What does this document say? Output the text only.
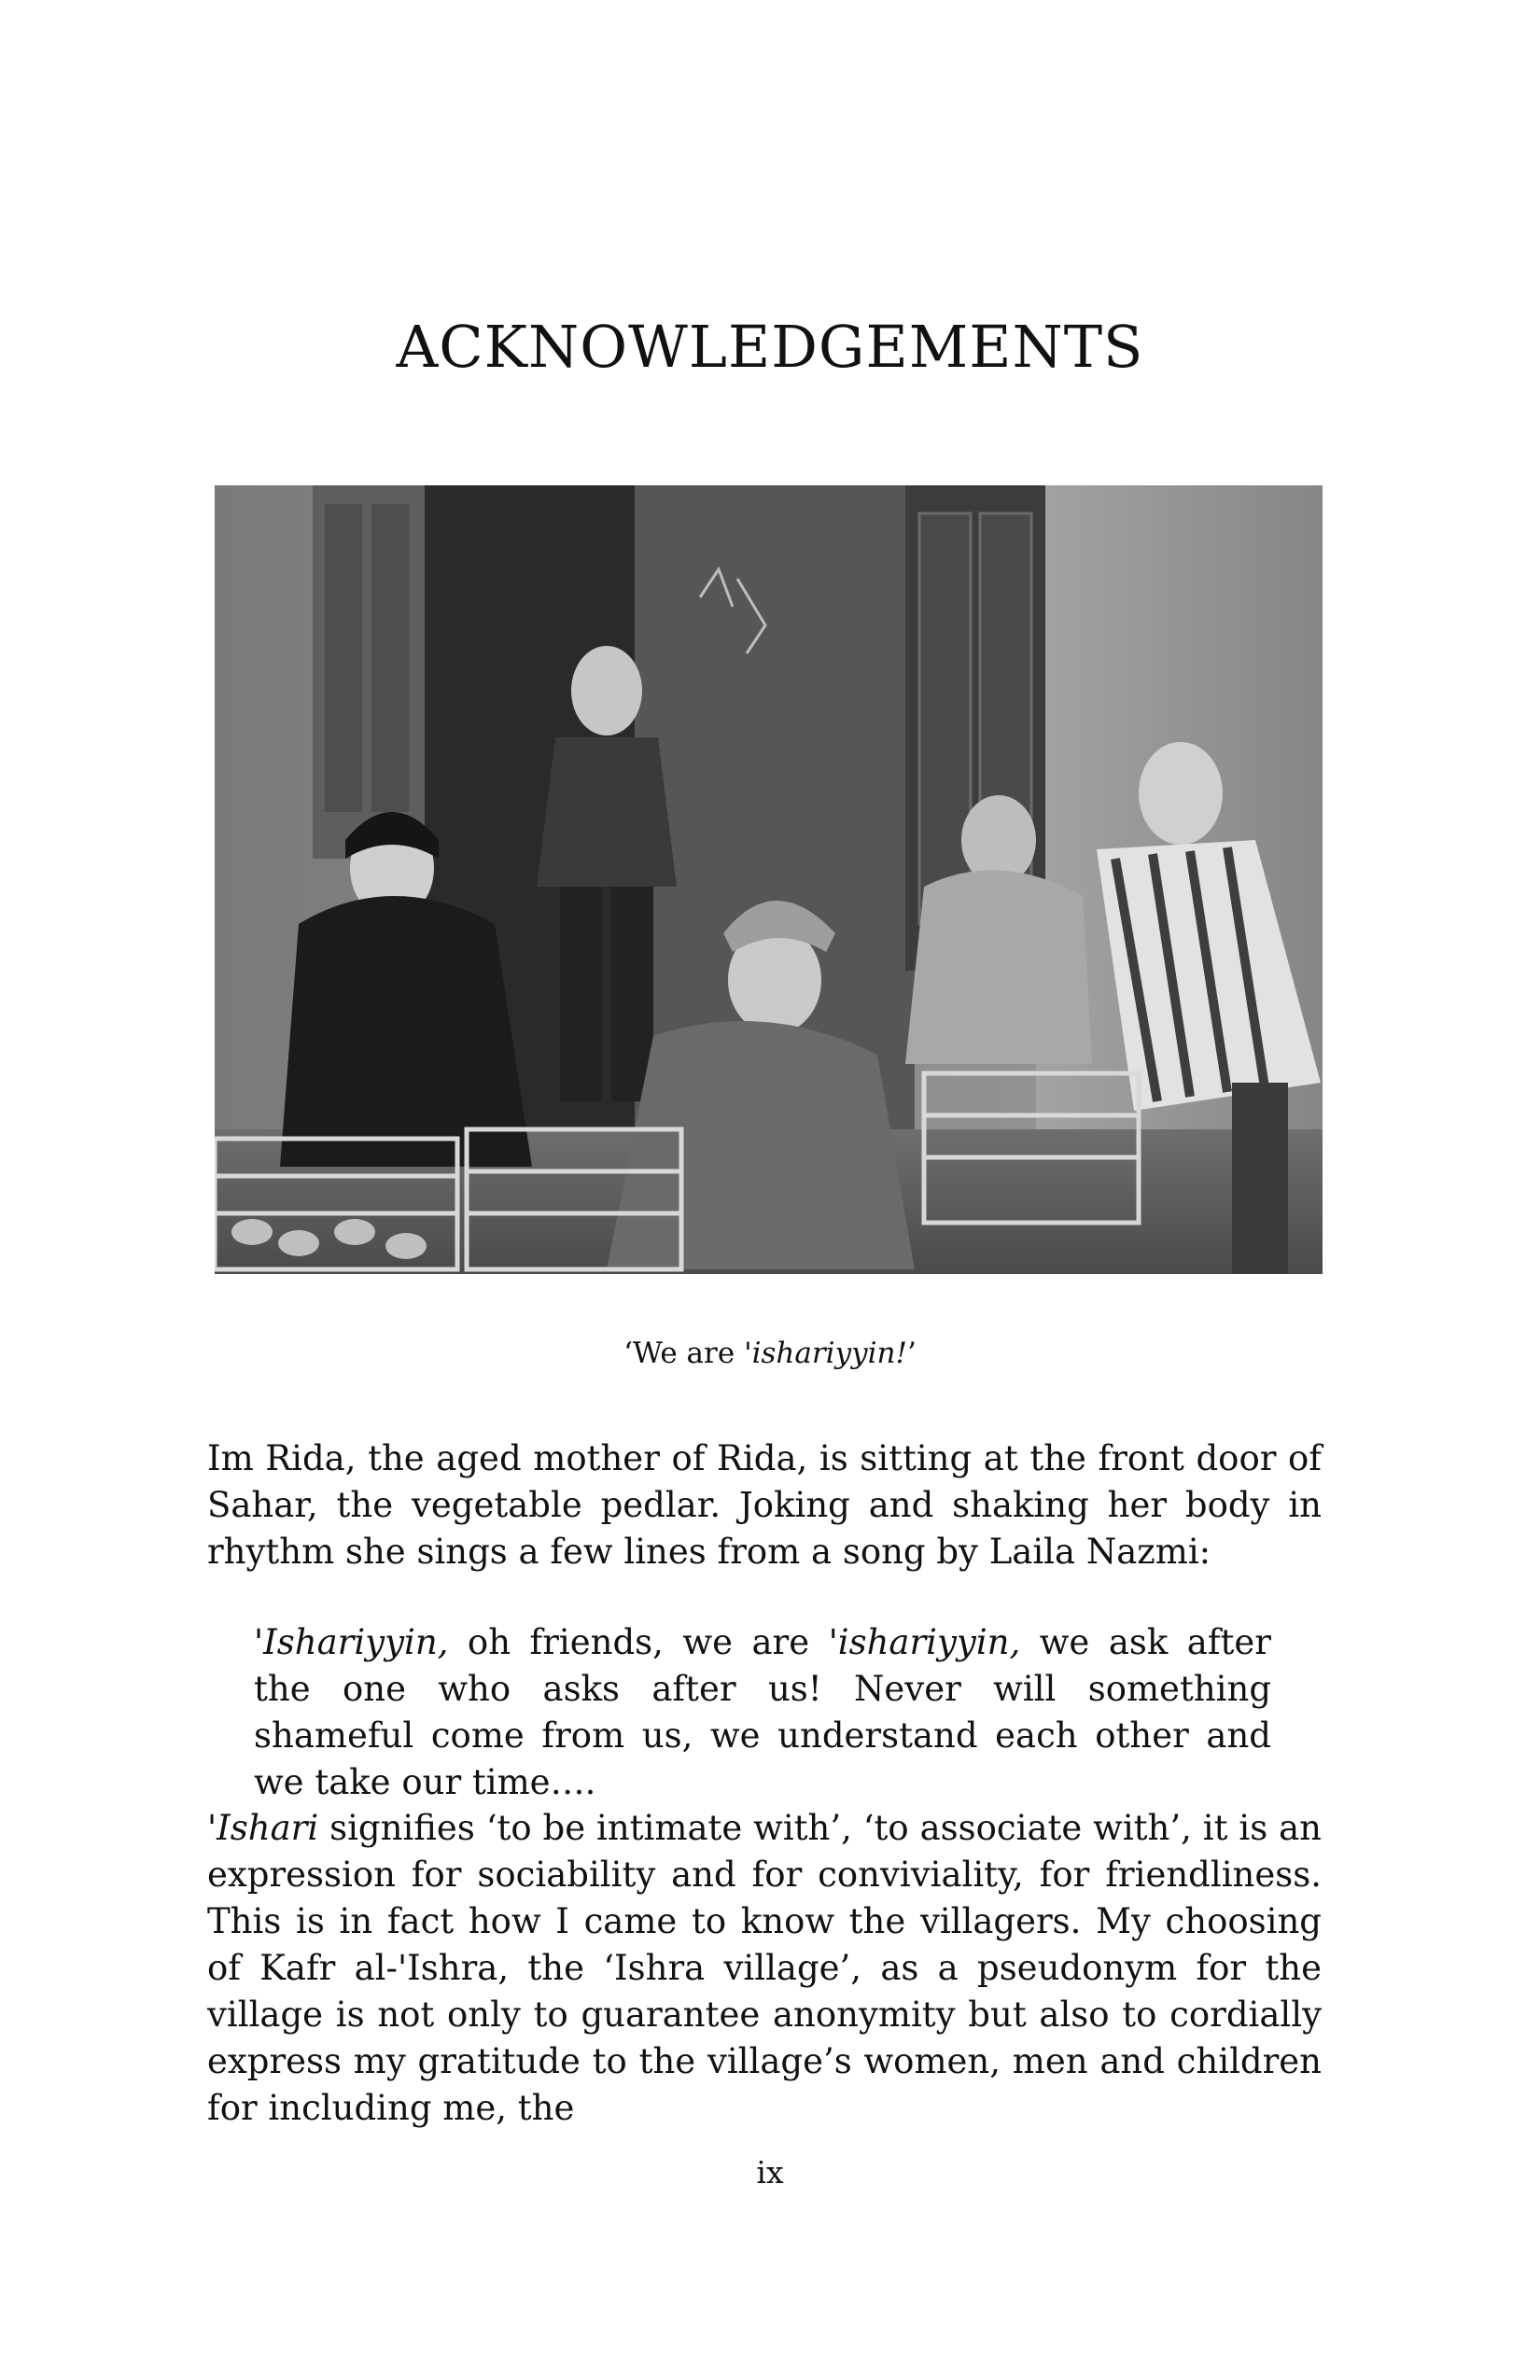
ACKNOWLEDGEMENTS
‘We are 'ishariyyin!’

Im Rida, the aged mother of Rida, is sitting at the front door of Sahar, the vegetable pedlar. Joking and shaking her body in rhythm she sings a few lines from a song by Laila Nazmi:

'Ishariyyin, oh friends, we are 'ishariyyin, we ask after the one who asks after us! Never will something shameful come from us, we understand each other and we take our time….

'Ishari signifies ‘to be intimate with’, ‘to associate with’, it is an expression for sociability and for conviviality, for friendliness. This is in fact how I came to know the villagers. My choosing of Kafr al-'Ishra, the ‘Ishra village’, as a pseudonym for the village is not only to guarantee anonymity but also to cordially express my gratitude to the village’s women, men and children for including me, the

ix
